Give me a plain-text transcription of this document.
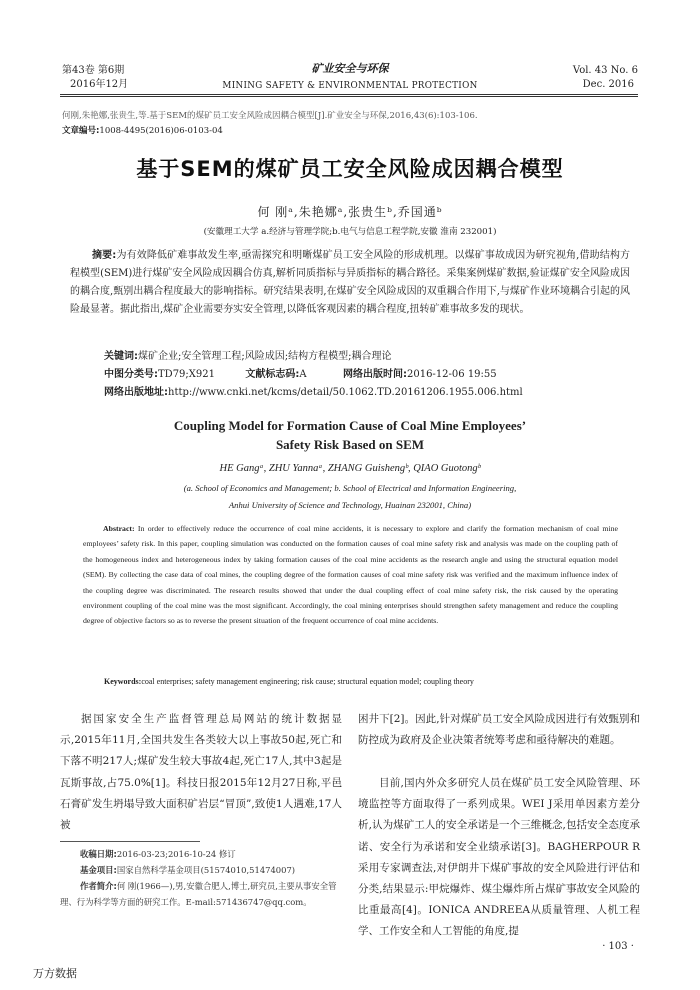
第43卷 第6期
2016年12月
矿业安全与环保
MINING SAFETY & ENVIRONMENTAL PROTECTION
Vol. 43 No. 6
Dec. 2016
何刚,朱艳娜,张贵生,等.基于SEM的煤矿员工安全风险成因耦合模型[J].矿业安全与环保,2016,43(6):103-106.
文章编号:1008-4495(2016)06-0103-04
基于SEM的煤矿员工安全风险成因耦合模型
何 刚ᵃ,朱艳娜ᵃ,张贵生ᵇ,乔国通ᵇ
(安徽理工大学 a.经济与管理学院;b.电气与信息工程学院,安徽 淮南 232001)
摘要:为有效降低矿难事故发生率,亟需探究和明晰煤矿员工安全风险的形成机理。以煤矿事故成因为研究视角,借助结构方程模型(SEM)进行煤矿安全风险成因耦合仿真,解析同质指标与异质指标的耦合路径。采集案例煤矿数据,验证煤矿安全风险成因的耦合度,甄别出耦合程度最大的影响指标。研究结果表明,在煤矿安全风险成因的双重耦合作用下,与煤矿作业环境耦合引起的风险最显著。据此指出,煤矿企业需要夯实安全管理,以降低客观因素的耦合程度,扭转矿难事故多发的现状。
关键词:煤矿企业;安全管理工程;风险成因;结构方程模型;耦合理论
中图分类号:TD79;X921	文献标志码:A	网络出版时间:2016-12-06 19:55
网络出版地址:http://www.cnki.net/kcms/detail/50.1062.TD.20161206.1955.006.html
Coupling Model for Formation Cause of Coal Mine Employees’
Safety Risk Based on SEM
HE Gangᵃ, ZHU Yannaᵃ, ZHANG Guishengᵇ, QIAO Guotongᵇ
(a. School of Economics and Management; b. School of Electrical and Information Engineering,
Anhui University of Science and Technology, Huainan 232001, China)
Abstract: In order to effectively reduce the occurrence of coal mine accidents, it is necessary to explore and clarify the formation mechanism of coal mine employees’ safety risk. In this paper, coupling simulation was conducted on the formation causes of coal mine safety risk and analysis was made on the coupling path of the homogeneous index and heterogeneous index by taking formation causes of the coal mine accidents as the research angle and using the structural equation model (SEM). By collecting the case data of coal mines, the coupling degree of the formation causes of coal mine safety risk was verified and the maximum influence index of the coupling degree was discriminated. The research results showed that under the dual coupling effect of coal mine safety risk, the risk caused by the operating environment coupling of the coal mine was the most significant. Accordingly, the coal mining enterprises should strengthen safety management and reduce the coupling degree of objective factors so as to reverse the present situation of the frequent occurrence of coal mine accidents.
Keywords:coal enterprises; safety management engineering; risk cause; structural equation model; coupling theory
据国家安全生产监督管理总局网站的统计数据显示,2015年11月,全国共发生各类较大以上事故50起,死亡和下落不明217人;煤矿发生较大事故4起,死亡17人,其中3起是瓦斯事故,占75.0%[1]。科技日报2015年12月27日称,平邑石膏矿发生坍塌导致大面积矿岩层“冒顶”,致使1人遇难,17人被
收稿日期:2016-03-23;2016-10-24 修订
基金项目:国家自然科学基金项目(51574010,51474007)
作者简介:何 刚(1966—),男,安徽合肥人,博士,研究员,主要从事安全管理、行为科学等方面的研究工作。E-mail:571436747@qq.com。
困井下[2]。因此,针对煤矿员工安全风险成因进行有效甄别和防控成为政府及企业决策者统筹考虑和亟待解决的难题。
目前,国内外众多研究人员在煤矿员工安全风险管理、环境监控等方面取得了一系列成果。WEI J采用单因素方差分析,认为煤矿工人的安全承诺是一个三维概念,包括安全态度承诺、安全行为承诺和安全业绩承诺[3]。BAGHERPOUR R采用专家调查法,对伊朗井下煤矿事故的安全风险进行评估和分类,结果显示:甲烷爆炸、煤尘爆炸所占煤矿事故安全风险的比重最高[4]。IONICA ANDREEA从质量管理、人机工程学、工作安全和人工智能的角度,提
· 103 ·
万方数据
